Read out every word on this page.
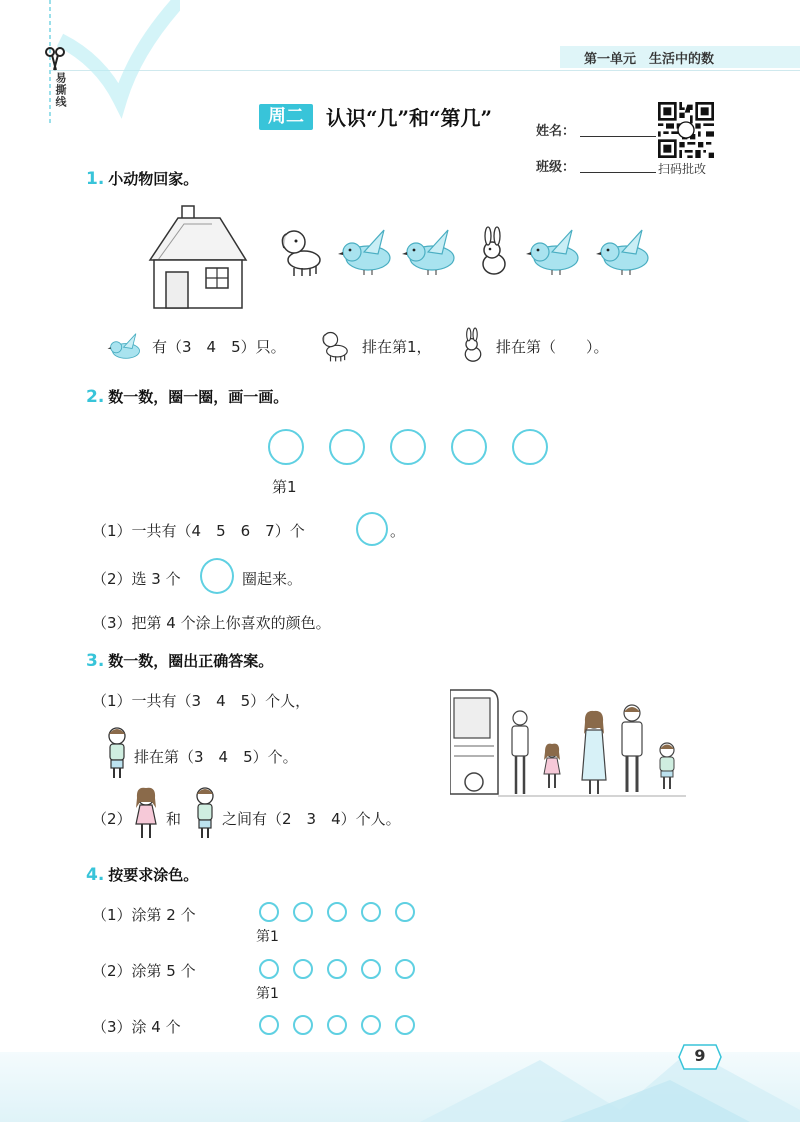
第一单元　生活中的数
易撕线
周二	认识“几”和“第几”
姓名：
班级：	扫码批改
1. 小动物回家。
有（3　4　5）只。	排在第1，	排在第（　　）。
2. 数一数，圈一圈，画一画。
第1
（1）一共有（4　5　6　7）个	。
（2）选 3 个	圈起来。
（3）把第 4 个涂上你喜欢的颜色。
3. 数一数，圈出正确答案。
（1）一共有（3　4　5）个人，
排在第（3　4　5）个。
（2） 和	之间有（2　3　4）个人。
4. 按要求涂色。
（1）涂第 2 个
第1
（2）涂第 5 个
第1
（3）涂 4 个
9
